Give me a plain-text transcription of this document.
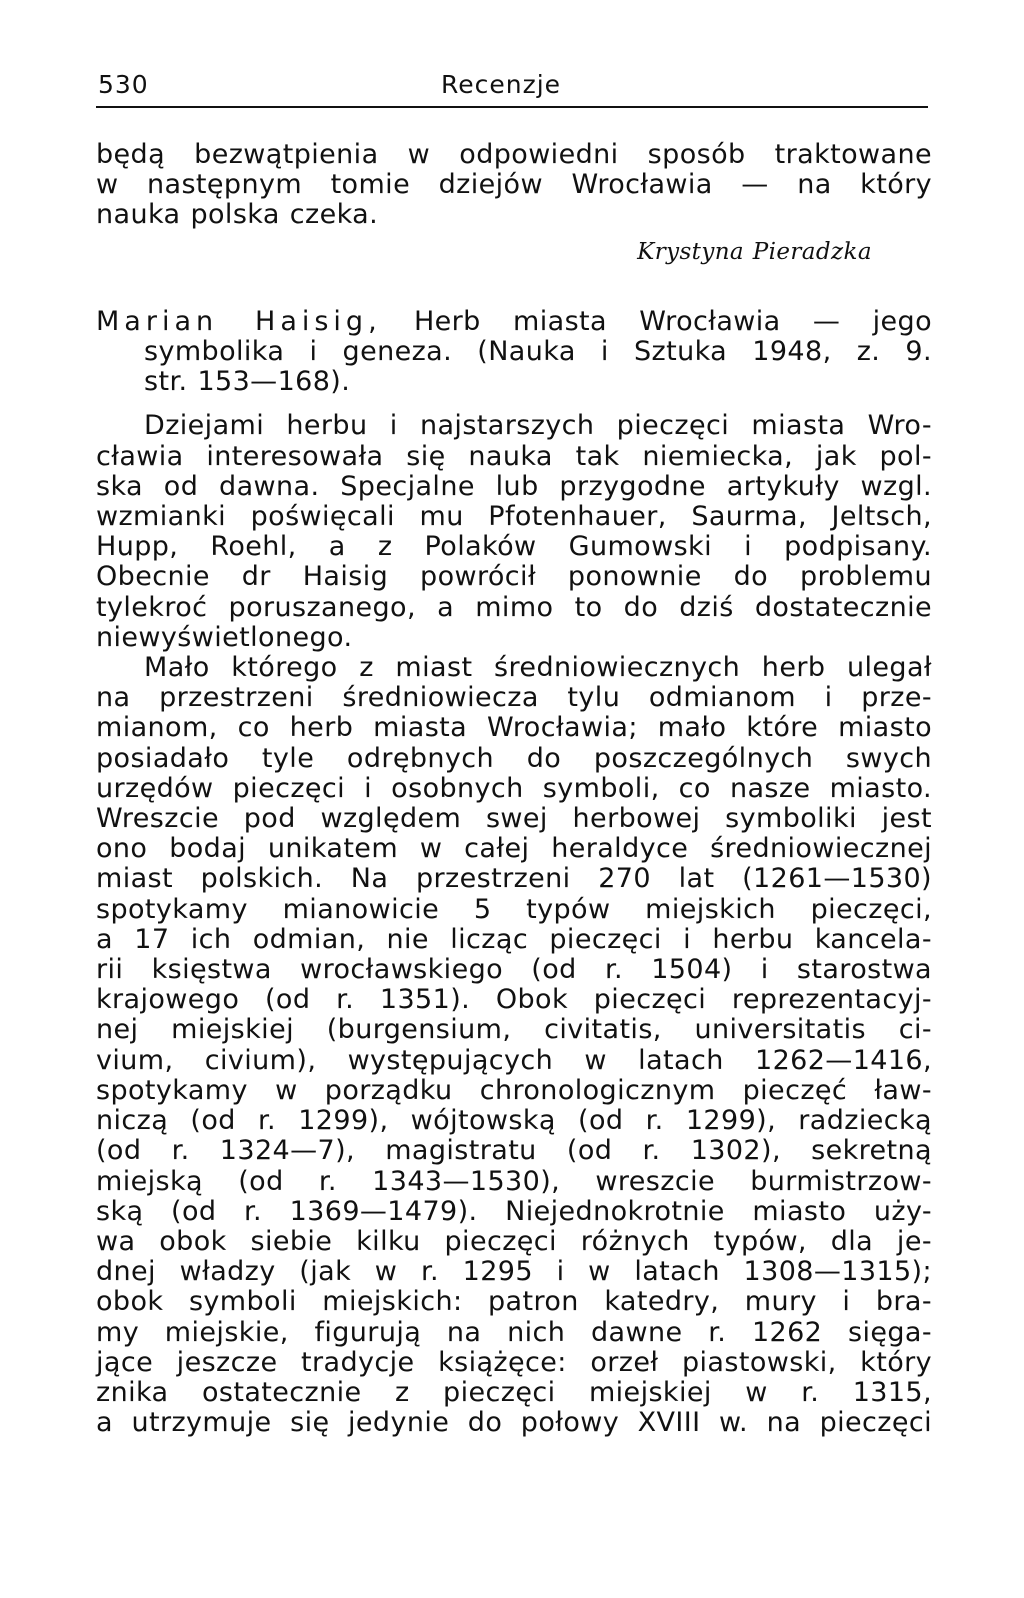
530	Recenzje
będą bezwątpienia w odpowiedni sposób traktowane
w następnym tomie dziejów Wrocławia — na który
nauka polska czeka.
Krystyna Pieradzka
Marian Haisig, Herb miasta Wrocławia — jego
symbolika i geneza. (Nauka i Sztuka 1948, z. 9.
str. 153—168).
Dziejami herbu i najstarszych pieczęci miasta Wro-
cławia interesowała się nauka tak niemiecka, jak pol-
ska od dawna. Specjalne lub przygodne artykuły wzgl.
wzmianki poświęcali mu Pfotenhauer, Saurma, Jeltsch,
Hupp, Roehl, a z Polaków Gumowski i podpisany.
Obecnie dr Haisig powrócił ponownie do problemu
tylekroć poruszanego, a mimo to do dziś dostatecznie
niewyświetlonego.
Mało którego z miast średniowiecznych herb ulegał
na przestrzeni średniowiecza tylu odmianom i prze-
mianom, co herb miasta Wrocławia; mało które miasto
posiadało tyle odrębnych do poszczególnych swych
urzędów pieczęci i osobnych symboli, co nasze miasto.
Wreszcie pod względem swej herbowej symboliki jest
ono bodaj unikatem w całej heraldyce średniowiecznej
miast polskich. Na przestrzeni 270 lat (1261—1530)
spotykamy mianowicie 5 typów miejskich pieczęci,
a 17 ich odmian, nie licząc pieczęci i herbu kancela-
rii księstwa wrocławskiego (od r. 1504) i starostwa
krajowego (od r. 1351). Obok pieczęci reprezentacyj-
nej miejskiej (burgensium, civitatis, universitatis ci-
vium, civium), występujących w latach 1262—1416,
spotykamy w porządku chronologicznym pieczęć ław-
niczą (od r. 1299), wójtowską (od r. 1299), radziecką
(od r. 1324—7), magistratu (od r. 1302), sekretną
miejską (od r. 1343—1530), wreszcie burmistrzow-
ską (od r. 1369—1479). Niejednokrotnie miasto uży-
wa obok siebie kilku pieczęci różnych typów, dla je-
dnej władzy (jak w r. 1295 i w latach 1308—1315);
obok symboli miejskich: patron katedry, mury i bra-
my miejskie, figurują na nich dawne r. 1262 sięga-
jące jeszcze tradycje książęce: orzeł piastowski, który
znika ostatecznie z pieczęci miejskiej w r. 1315,
a utrzymuje się jedynie do połowy XVIII w. na pieczęci
